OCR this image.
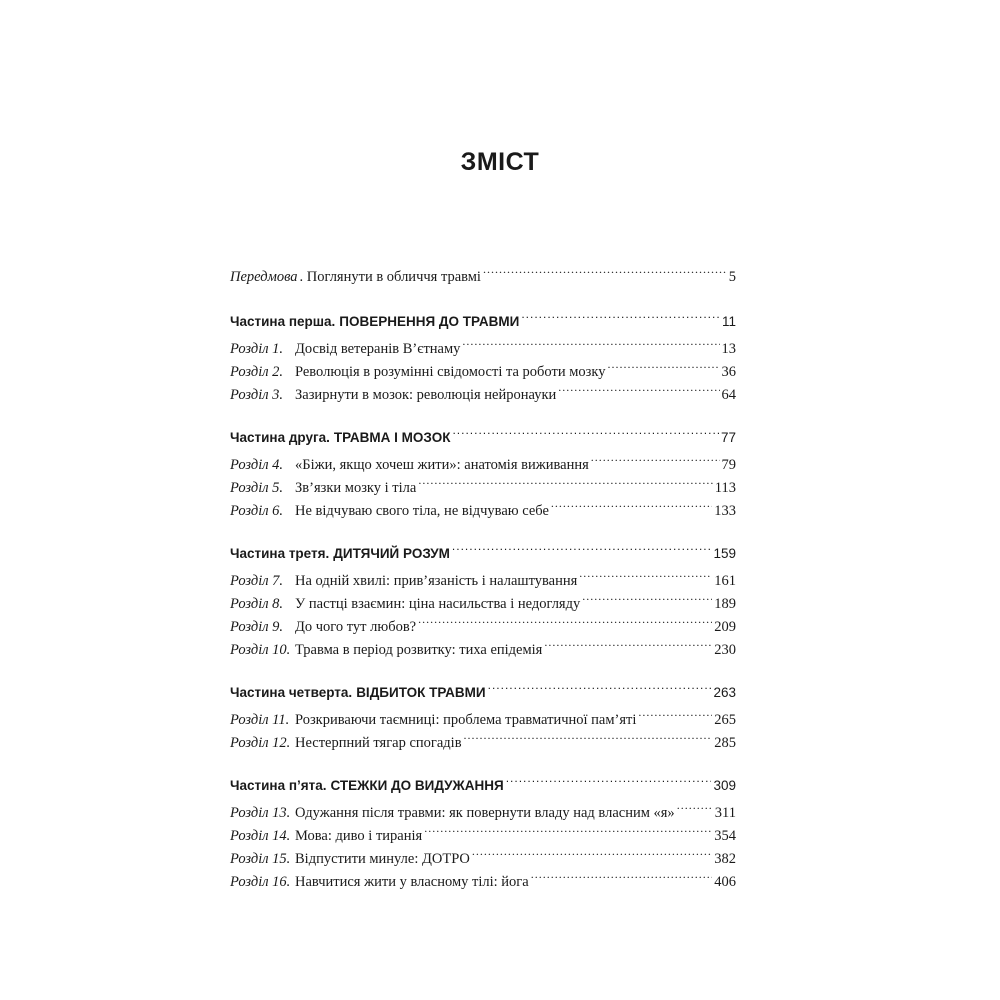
ЗМІСТ
Передмова . Поглянути в обличчя травмі .....	5
Частина перша. ПОВЕРНЕННЯ ДО ТРАВМИ .....	11
Розділ 1. Досвід ветеранів В’єтнаму .....	13
Розділ 2. Революція в розумінні свідомості та роботи мозку .....	36
Розділ 3. Зазирнути в мозок: революція нейронауки .....	64
Частина друга. ТРАВМА І МОЗОК .....	77
Розділ 4. «Біжи, якщо хочеш жити»: анатомія виживання .....	79
Розділ 5. Зв’язки мозку і тіла .....	113
Розділ 6. Не відчуваю свого тіла, не відчуваю себе .....	133
Частина третя. ДИТЯЧИЙ РОЗУМ .....	159
Розділ 7. На одній хвилі: прив’язаність і налаштування .....	161
Розділ 8. У пастці взаємин: ціна насильства і недогляду .....	189
Розділ 9. До чого тут любов? .....	209
Розділ 10. Травма в період розвитку: тиха епідемія .....	230
Частина четверта. ВІДБИТОК ТРАВМИ .....	263
Розділ 11. Розкриваючи таємниці: проблема травматичної пам’яті .....	265
Розділ 12. Нестерпний тягар спогадів .....	285
Частина п’ята. СТЕЖКИ ДО ВИДУЖАННЯ .....	309
Розділ 13. Одужання після травми: як повернути владу над власним «я» .....	311
Розділ 14. Мова: диво і тиранія .....	354
Розділ 15. Відпустити минуле: ДОТРО .....	382
Розділ 16. Навчитися жити у власному тілі: йога .....	406
